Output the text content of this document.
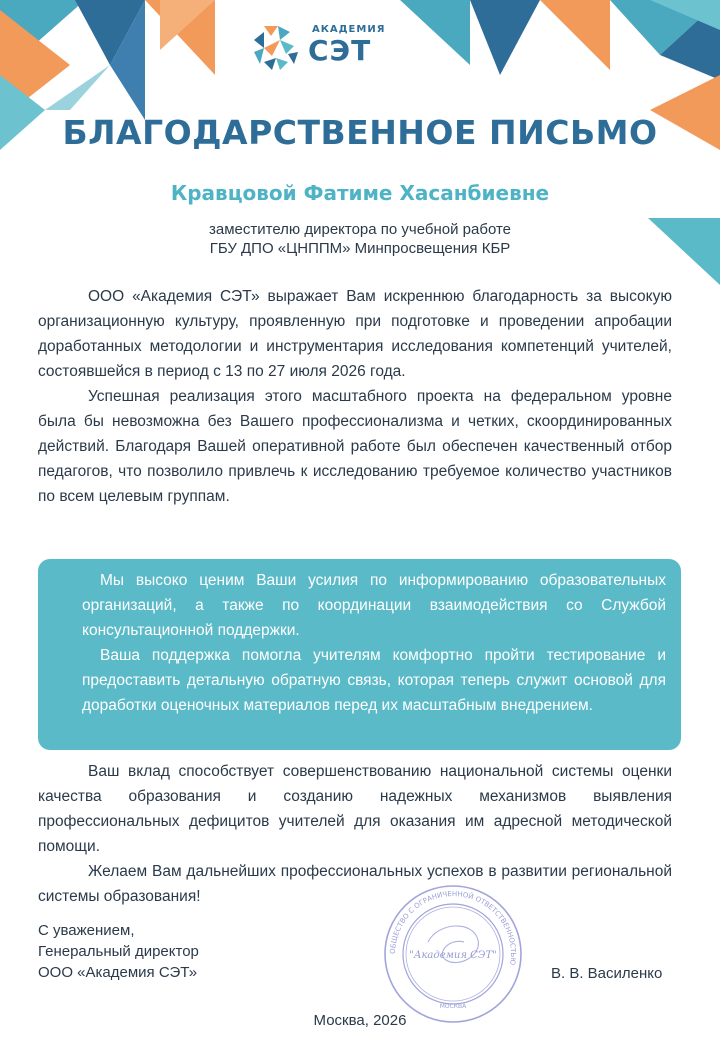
АКАДЕМИЯ
СЭТ
БЛАГОДАРСТВЕННОЕ ПИСЬМО
Кравцовой Фатиме Хасанбиевне
заместителю директора по учебной работе
ГБУ ДПО «ЦНППМ» Минпросвещения КБР

ООО «Академия СЭТ» выражает Вам искреннюю благодарность за высокую организационную культуру, проявленную при подготовке и проведении апробации доработанных методологии и инструментария исследования компетенций учителей, состоявшейся в период с 13 по 27 июля 2026 года.

Успешная реализация этого масштабного проекта на федеральном уровне была бы невозможна без Вашего профессионализма и четких, скоординированных действий. Благодаря Вашей оперативной работе был обеспечен качественный отбор педагогов, что позволило привлечь к исследованию требуемое количество участников по всем целевым группам.

Мы высоко ценим Ваши усилия по информированию образовательных организаций, а также по координации взаимодействия со Службой консультационной поддержки.

Ваша поддержка помогла учителям комфортно пройти тестирование и предоставить детальную обратную связь, которая теперь служит основой для доработки оценочных материалов перед их масштабным внедрением.

Ваш вклад способствует совершенствованию национальной системы оценки качества образования и созданию надежных механизмов выявления профессиональных дефицитов учителей для оказания им адресной методической помощи.

Желаем Вам дальнейших профессиональных успехов в развитии региональной системы образования!

С уважением,
Генеральный директор
ООО «Академия СЭТ»
ОБЩЕСТВО С ОГРАНИЧЕННОЙ ОТВЕТСТВЕННОСТЬЮ
МОСКВА
"Академия СЭТ"
В. В. Василенко
Москва, 2026
